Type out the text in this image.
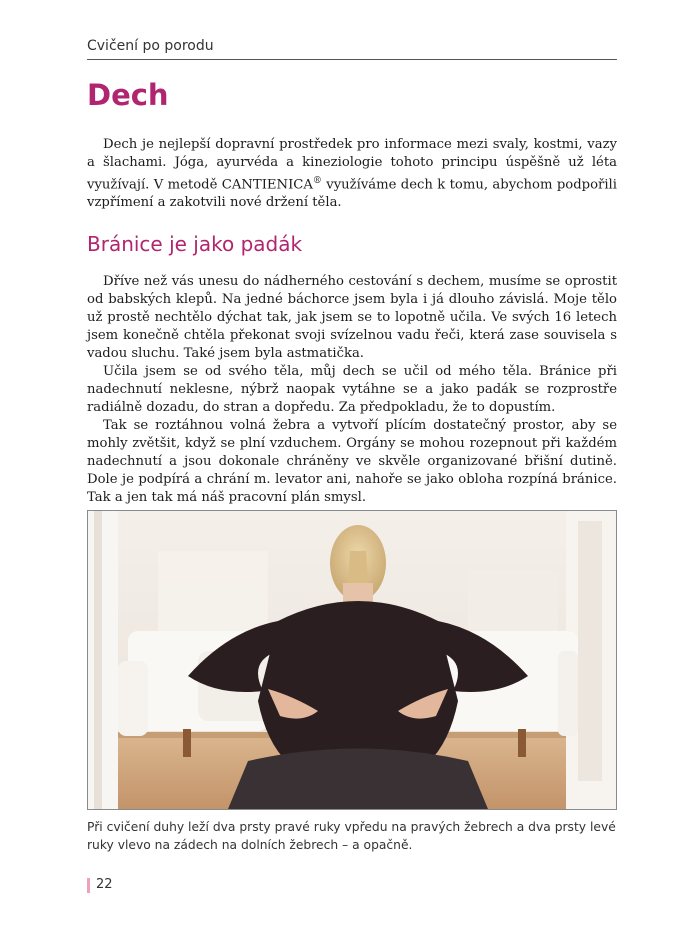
Cvičení po porodu
Dech

Dech je nejlepší dopravní prostředek pro informace mezi svaly, kostmi, vazy a šlachami. Jóga, ayurvéda a kineziologie tohoto principu úspěšně už léta využívají. V metodě CANTIENICA® využíváme dech k tomu, abychom podpořili vzpřímení a zakotvili nové držení těla.

Bránice je jako padák

Dříve než vás unesu do nádherného cestování s dechem, musíme se oprostit od babských klepů. Na jedné báchorce jsem byla i já dlouho závislá. Moje tělo už prostě nechtělo dýchat tak, jak jsem se to lopotně učila. Ve svých 16 letech jsem konečně chtěla překonat svoji svízelnou vadu řeči, která zase souvisela s vadou sluchu. Také jsem byla astmatička.

Učila jsem se od svého těla, můj dech se učil od mého těla. Bránice při nadechnutí neklesne, nýbrž naopak vytáhne se a jako padák se rozprostře radiálně dozadu, do stran a dopředu. Za předpokladu, že to dopustím.

Tak se roztáhnou volná žebra a vytvoří plícím dostatečný prostor, aby se mohly zvětšit, když se plní vzduchem. Orgány se mohou rozepnout při každém nadechnutí a jsou dokonale chráněny ve skvěle organizované břišní dutině. Dole je podpírá a chrání m. levator ani, nahoře se jako obloha rozpíná bránice. Tak a jen tak má náš pracovní plán smysl.

Při cvičení duhy leží dva prsty pravé ruky vpředu na pravých žebrech a dva prsty levé ruky vlevo na zádech na dolních žebrech – a opačně.

22
